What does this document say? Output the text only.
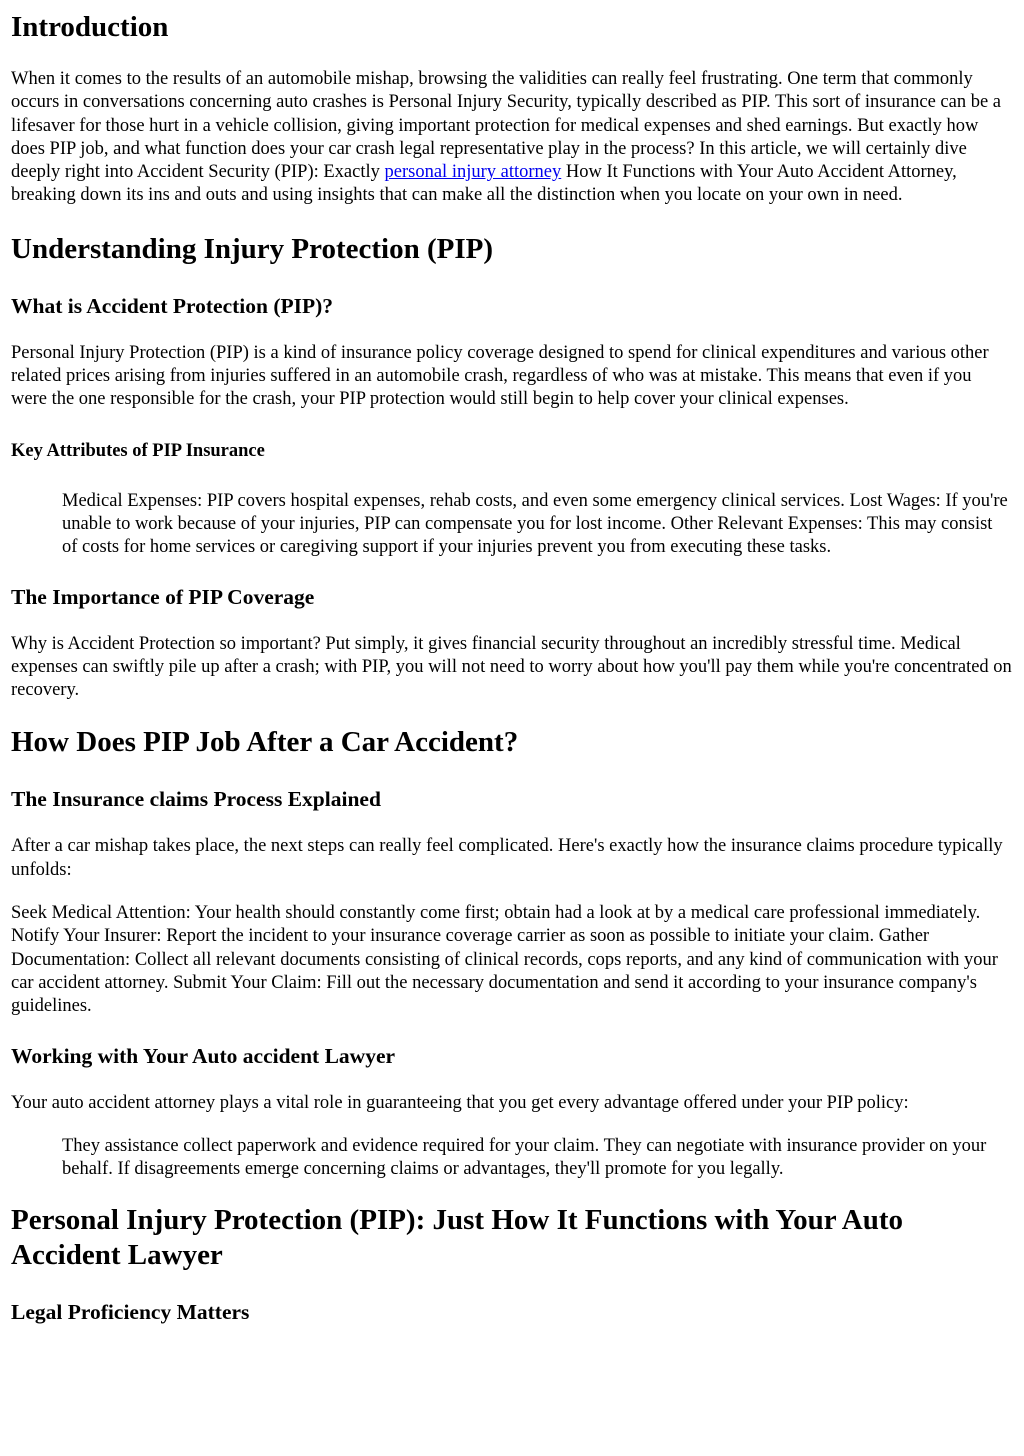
Introduction

When it comes to the results of an automobile mishap, browsing the validities can really feel frustrating. One term that commonly occurs in conversations concerning auto crashes is Personal Injury Security, typically described as PIP. This sort of insurance can be a lifesaver for those hurt in a vehicle collision, giving important protection for medical expenses and shed earnings. But exactly how does PIP job, and what function does your car crash legal representative play in the process? In this article, we will certainly dive deeply right into Accident Security (PIP): Exactly personal injury attorney How It Functions with Your Auto Accident Attorney, breaking down its ins and outs and using insights that can make all the distinction when you locate on your own in need.

Understanding Injury Protection (PIP)
What is Accident Protection (PIP)?

Personal Injury Protection (PIP) is a kind of insurance policy coverage designed to spend for clinical expenditures and various other related prices arising from injuries suffered in an automobile crash, regardless of who was at mistake. This means that even if you were the one responsible for the crash, your PIP protection would still begin to help cover your clinical expenses.

Key Attributes of PIP Insurance
Medical Expenses: PIP covers hospital expenses, rehab costs, and even some emergency clinical services. Lost Wages: If you're unable to work because of your injuries, PIP can compensate you for lost income. Other Relevant Expenses: This may consist of costs for home services or caregiving support if your injuries prevent you from executing these tasks.
The Importance of PIP Coverage

Why is Accident Protection so important? Put simply, it gives financial security throughout an incredibly stressful time. Medical expenses can swiftly pile up after a crash; with PIP, you will not need to worry about how you'll pay them while you're concentrated on recovery.

How Does PIP Job After a Car Accident?
The Insurance claims Process Explained

After a car mishap takes place, the next steps can really feel complicated. Here's exactly how the insurance claims procedure typically unfolds:

Seek Medical Attention: Your health should constantly come first; obtain had a look at by a medical care professional immediately. Notify Your Insurer: Report the incident to your insurance coverage carrier as soon as possible to initiate your claim. Gather Documentation: Collect all relevant documents consisting of clinical records, cops reports, and any kind of communication with your car accident attorney. Submit Your Claim: Fill out the necessary documentation and send it according to your insurance company's guidelines.

Working with Your Auto accident Lawyer

Your auto accident attorney plays a vital role in guaranteeing that you get every advantage offered under your PIP policy:

They assistance collect paperwork and evidence required for your claim. They can negotiate with insurance provider on your behalf. If disagreements emerge concerning claims or advantages, they'll promote for you legally.
Personal Injury Protection (PIP): Just How It Functions with Your Auto Accident Lawyer
Legal Proficiency Matters
